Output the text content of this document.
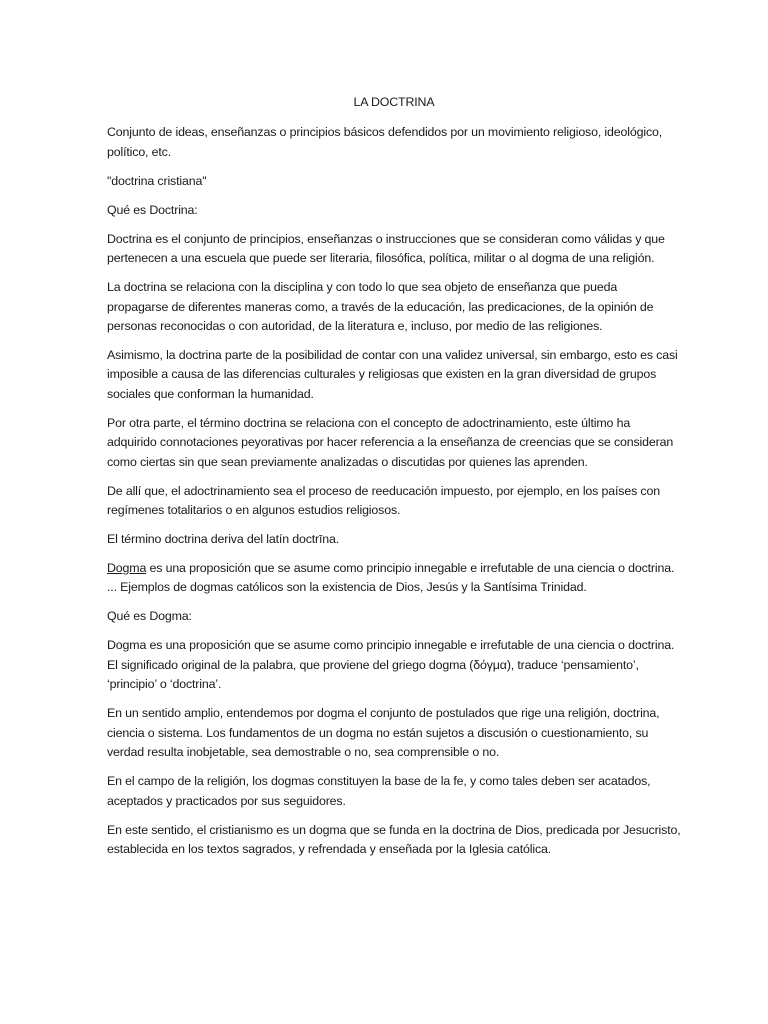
LA DOCTRINA

Conjunto de ideas, enseñanzas o principios básicos defendidos por un movimiento religioso, ideológico, político, etc.

"doctrina cristiana"

Qué es Doctrina:

Doctrina es el conjunto de principios, enseñanzas o instrucciones que se consideran como válidas y que pertenecen a una escuela que puede ser literaria, filosófica, política, militar o al dogma de una religión.

La doctrina se relaciona con la disciplina y con todo lo que sea objeto de enseñanza que pueda propagarse de diferentes maneras como, a través de la educación, las predicaciones, de la opinión de personas reconocidas o con autoridad, de la literatura e, incluso, por medio de las religiones.

Asimismo, la doctrina parte de la posibilidad de contar con una validez universal, sin embargo, esto es casi imposible a causa de las diferencias culturales y religiosas que existen en la gran diversidad de grupos sociales que conforman la humanidad.

Por otra parte, el término doctrina se relaciona con el concepto de adoctrinamiento, este último ha adquirido connotaciones peyorativas por hacer referencia a la enseñanza de creencias que se consideran como ciertas sin que sean previamente analizadas o discutidas por quienes las aprenden.

De allí que, el adoctrinamiento sea el proceso de reeducación impuesto, por ejemplo, en los países con regímenes totalitarios o en algunos estudios religiosos.

El término doctrina deriva del latín doctrīna.

Dogma es una proposición que se asume como principio innegable e irrefutable de una ciencia o doctrina. ... Ejemplos de dogmas católicos son la existencia de Dios, Jesús y la Santísima Trinidad.

Qué es Dogma:

Dogma es una proposición que se asume como principio innegable e irrefutable de una ciencia o doctrina. El significado original de la palabra, que proviene del griego dogma (δόγμα), traduce ‘pensamiento’, ‘principio’ o ‘doctrina’.

En un sentido amplio, entendemos por dogma el conjunto de postulados que rige una religión, doctrina, ciencia o sistema. Los fundamentos de un dogma no están sujetos a discusión o cuestionamiento, su verdad resulta inobjetable, sea demostrable o no, sea comprensible o no.

En el campo de la religión, los dogmas constituyen la base de la fe, y como tales deben ser acatados, aceptados y practicados por sus seguidores.

En este sentido, el cristianismo es un dogma que se funda en la doctrina de Dios, predicada por Jesucristo, establecida en los textos sagrados, y refrendada y enseñada por la Iglesia católica.
